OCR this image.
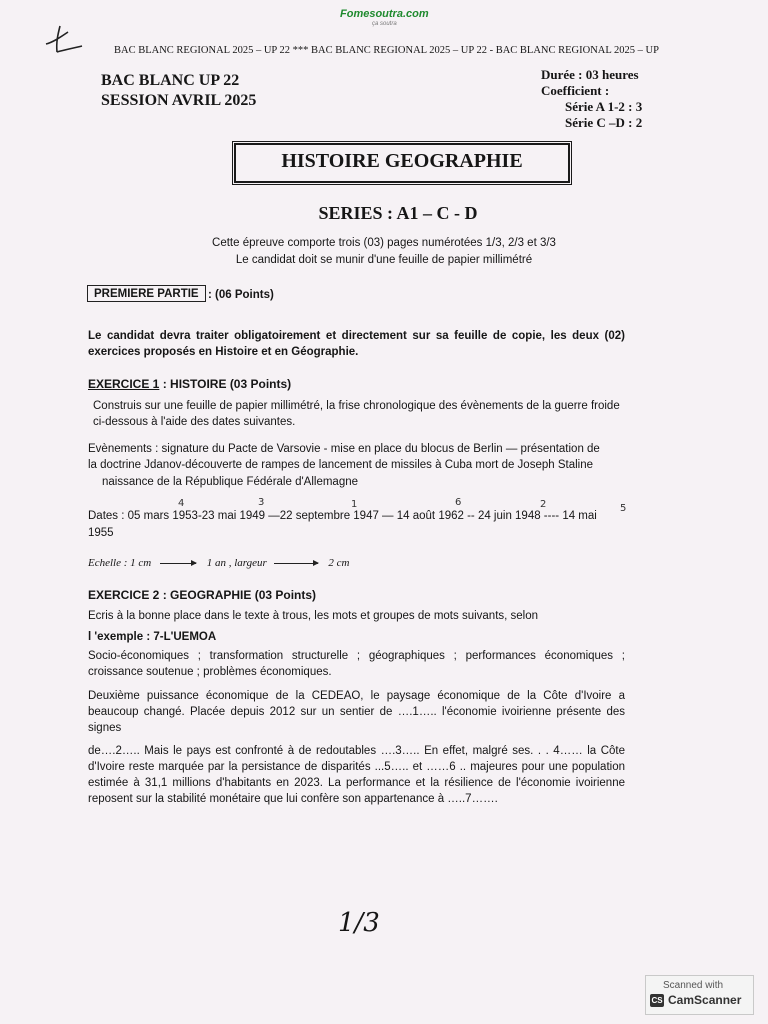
Fomesoutra.com
ça soutra
BAC BLANC REGIONAL 2025 – UP 22 *** BAC BLANC REGIONAL 2025 – UP 22 - BAC BLANC REGIONAL 2025 – UP
BAC BLANC UP 22
SESSION AVRIL 2025
Durée : 03 heures
Coefficient :
Série A 1-2 : 3
Série C –D : 2
HISTOIRE GEOGRAPHIE
SERIES : A1 – C - D
Cette épreuve comporte trois (03) pages numérotées 1/3, 2/3 et 3/3
Le candidat doit se munir d'une feuille de papier millimétré
PREMIERE PARTIE : (06 Points)
Le candidat devra traiter obligatoirement et directement sur sa feuille de copie, les deux (02) exercices proposés en Histoire et en Géographie.
EXERCICE 1 : HISTOIRE (03 Points)
Construis sur une feuille de papier millimétré, la frise chronologique des évènements de la guerre froide ci-dessous à l'aide des dates suivantes.
Evènements : signature du Pacte de Varsovie - mise en place du blocus de Berlin — présentation de
la doctrine Jdanov-découverte de rampes de lancement de missiles à Cuba mort de Joseph Staline
naissance de la République Fédérale d'Allemagne
4	3	1	6	2	5
Dates : 05 mars 1953-23 mai 1949 —22 septembre 1947 — 14 août 1962 -- 24 juin 1948 ---- 14 mai
1955
Echelle : 1 cm	1 an , largeur	2 cm
EXERCICE 2 : GEOGRAPHIE (03 Points)
Ecris à la bonne place dans le texte à trous, les mots et groupes de mots suivants, selon
l 'exemple : 7-L'UEMOA
Socio-économiques ; transformation structurelle ; géographiques ; performances économiques ; croissance soutenue ; problèmes économiques.
Deuxième puissance économique de la CEDEAO, le paysage économique de la Côte d'Ivoire a beaucoup changé. Placée depuis 2012 sur un sentier de ….1….. l'économie ivoirienne présente des signes
de….2….. Mais le pays est confronté à de redoutables ….3….. En effet, malgré ses. . . 4…… la Côte d'Ivoire reste marquée par la persistance de disparités ...5….. et ……6 .. majeures pour une population estimée à 31,1 millions d'habitants en 2023. La performance et la résilience de l'économie ivoirienne reposent sur la stabilité monétaire que lui confère son appartenance à …..7…….
1/3
Scanned with
CS CamScanner
